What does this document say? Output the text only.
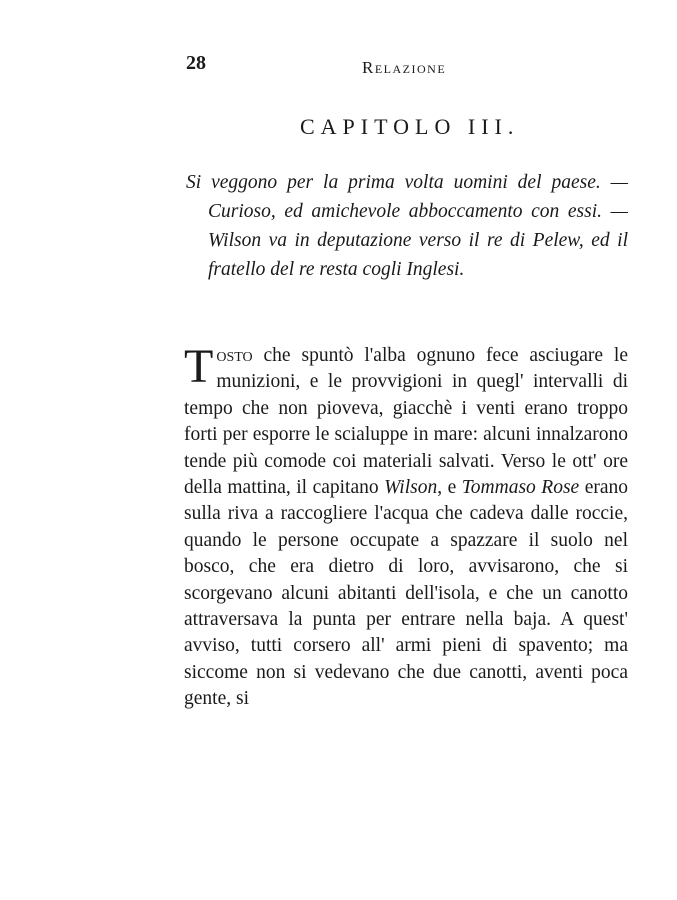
28	Relazione
CAPITOLO III.
Si veggono per la prima volta uomini del paese. — Curioso, ed amichevole abboccamento con essi. — Wilson va in deputazione verso il re di Pelew, ed il fratello del re resta cogli Inglesi.
Tosto che spuntò l'alba ognuno fece asciugare le munizioni, e le provvigioni in quegl' intervalli di tempo che non pioveva, giacchè i venti erano troppo forti per esporre le scialuppe in mare: alcuni innalzarono tende più comode coi materiali salvati. Verso le ott' ore della mattina, il capitano Wilson, e Tommaso Rose erano sulla riva a raccogliere l'acqua che cadeva dalle roccie, quando le persone occupate a spazzare il suolo nel bosco, che era dietro di loro, avvisarono, che si scorgevano alcuni abitanti dell'isola, e che un canotto attraversava la punta per entrare nella baja. A quest' avviso, tutti corsero all' armi pieni di spavento; ma siccome non si vedevano che due canotti, aventi poca gente, si
